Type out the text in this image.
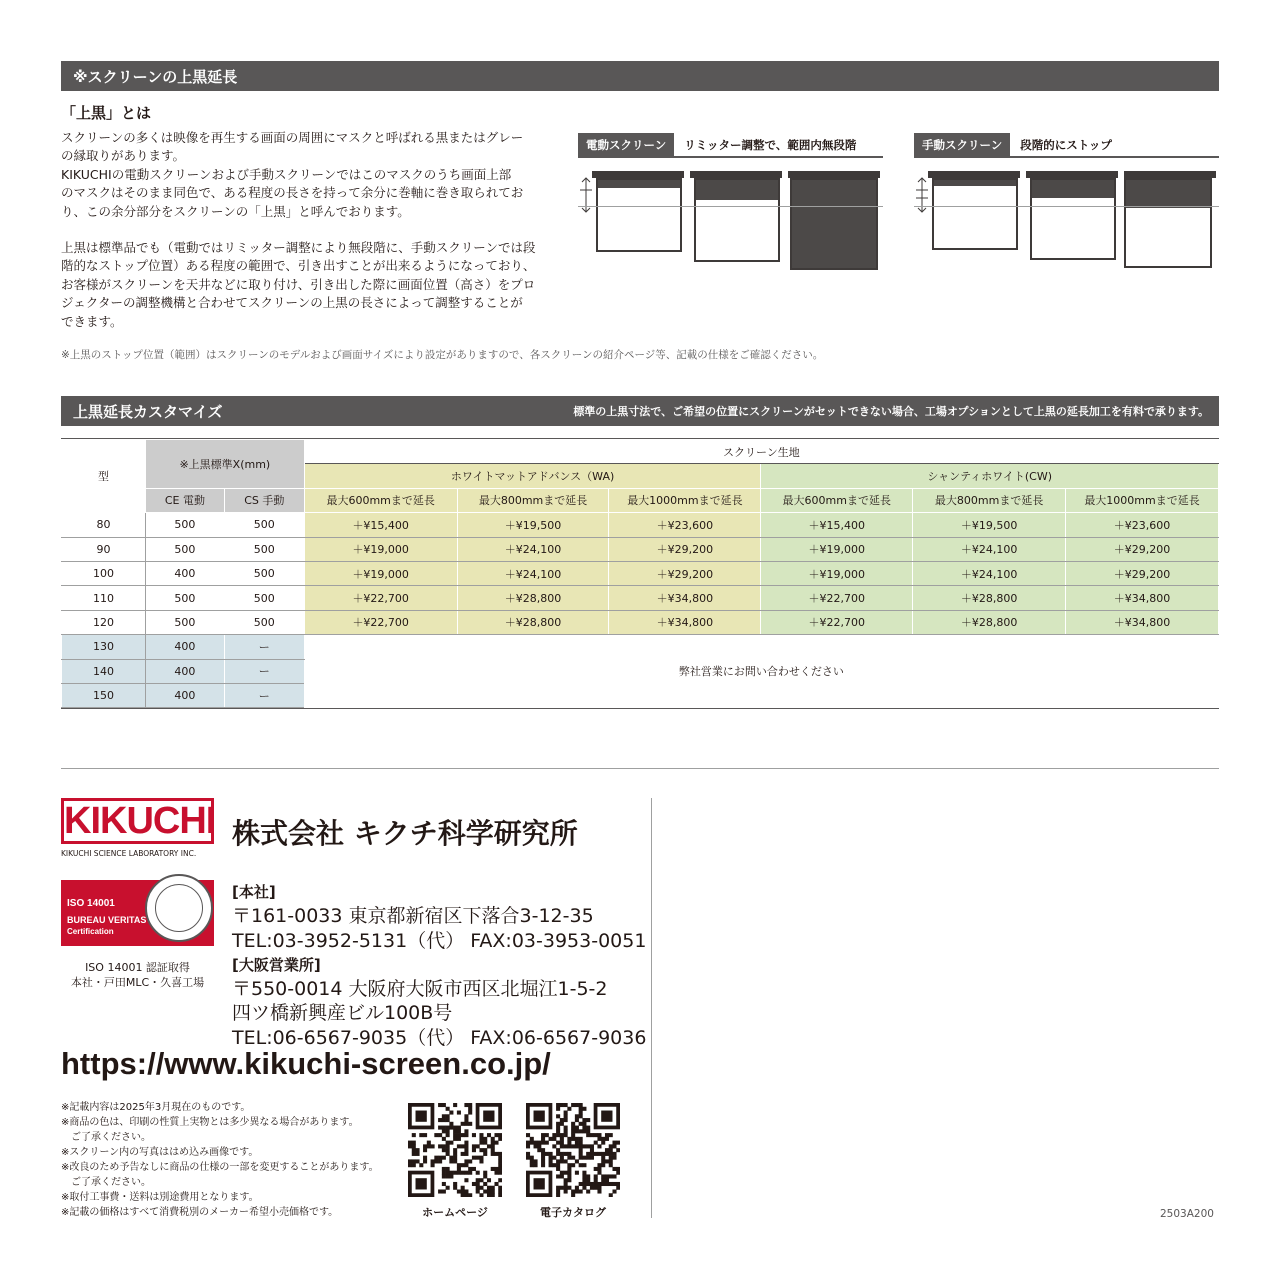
※スクリーンの上黒延長
「上黒」とは
スクリーンの多くは映像を再生する画面の周囲にマスクと呼ばれる黒またはグレー
の縁取りがあります。
KIKUCHIの電動スクリーンおよび手動スクリーンではこのマスクのうち画面上部
のマスクはそのまま同色で、ある程度の長さを持って余分に巻軸に巻き取られてお
り、この余分部分をスクリーンの「上黒」と呼んでおります。
上黒は標準品でも（電動ではリミッター調整により無段階に、手動スクリーンでは段
階的なストップ位置）ある程度の範囲で、引き出すことが出来るようになっており、
お客様がスクリーンを天井などに取り付け、引き出した際に画面位置（高さ）をプロ
ジェクターの調整機構と合わせてスクリーンの上黒の長さによって調整することが
できます。
※上黒のストップ位置（範囲）はスクリーンのモデルおよび画面サイズにより設定がありますので、各スクリーンの紹介ページ等、記載の仕様をご確認ください。
電動スクリーン	リミッター調整で、範囲内無段階	手動スクリーン	段階的にストップ
上黒延長カスタマイズ	標準の上黒寸法で、ご希望の位置にスクリーンがセットできない場合、工場オプションとして上黒の延長加工を有料で承ります。
型	※上黒標準X(mm)		スクリーン生地					
			ホワイトマットアドバンス（WA)			シャンティホワイト(CW)		
	CE 電動	CS 手動	最大600mmまで延長	最大800mmまで延長	最大1000mmまで延長	最大600mmまで延長	最大800mmまで延長	最大1000mmまで延長
80	500	500	＋¥15,400	＋¥19,500	＋¥23,600	＋¥15,400	＋¥19,500	＋¥23,600
90	500	500	＋¥19,000	＋¥24,100	＋¥29,200	＋¥19,000	＋¥24,100	＋¥29,200
100	400	500	＋¥19,000	＋¥24,100	＋¥29,200	＋¥19,000	＋¥24,100	＋¥29,200
110	500	500	＋¥22,700	＋¥28,800	＋¥34,800	＋¥22,700	＋¥28,800	＋¥34,800
120	500	500	＋¥22,700	＋¥28,800	＋¥34,800	＋¥22,700	＋¥28,800	＋¥34,800
130	400	ー	弊社営業にお問い合わせください					
140	400	ー						
150	400	ー						
KIKUCHI
KIKUCHI SCIENCE LABORATORY INC.
株式会社 キクチ科学研究所
ISO 14001
BUREAU VERITAS
Certification
ISO 14001 認証取得
本社・戸田MLC・久喜工場
[本社]
〒161-0033 東京都新宿区下落合3-12-35
TEL:03-3952-5131（代） FAX:03-3953-0051
[大阪営業所]
〒550-0014 大阪府大阪市西区北堀江1-5-2
四ツ橋新興産ビル100B号
TEL:06-6567-9035（代） FAX:06-6567-9036
https://www.kikuchi-screen.co.jp/
※記載内容は2025年3月現在のものです。
※商品の色は、印刷の性質上実物とは多少異なる場合があります。
　ご了承ください。
※スクリーン内の写真ははめ込み画像です。
※改良のため予告なしに商品の仕様の一部を変更することがあります。
　ご了承ください。
※取付工事費・送料は別途費用となります。
※記載の価格はすべて消費税別のメーカー希望小売価格です。	ホームページ	電子カタログ	2503A200
